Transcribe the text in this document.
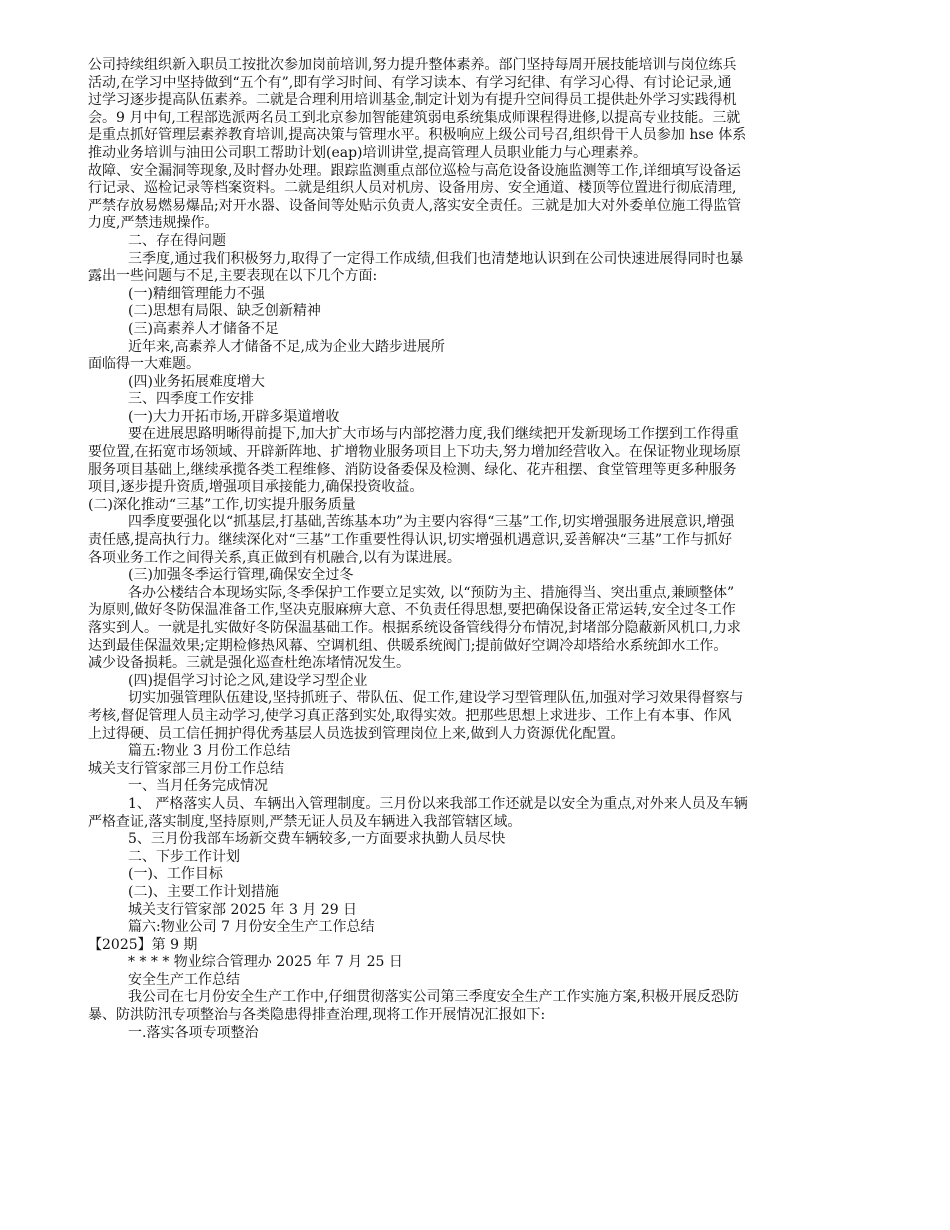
公司持续组织新入职员工按批次参加岗前培训,努力提升整体素养。部门坚持每周开展技能培训与岗位练兵
活动,在学习中坚持做到“五个有”,即有学习时间、有学习读本、有学习纪律、有学习心得、有讨论记录,通
过学习逐步提高队伍素养。二就是合理利用培训基金,制定计划为有提升空间得员工提供赴外学习实践得机
会。9 月中旬,工程部选派两名员工到北京参加智能建筑弱电系统集成师课程得进修,以提高专业技能。三就
是重点抓好管理层素养教育培训,提高决策与管理水平。积极响应上级公司号召,组织骨干人员参加 hse 体系
推动业务培训与油田公司职工帮助计划(eap)培训讲堂,提高管理人员职业能力与心理素养。
故障、安全漏洞等现象,及时督办处理。跟踪监测重点部位巡检与高危设备设施监测等工作,详细填写设备运
行记录、巡检记录等档案资料。二就是组织人员对机房、设备用房、安全通道、楼顶等位置进行彻底清理,
严禁存放易燃易爆品;对开水器、设备间等处贴示负责人,落实安全责任。三就是加大对外委单位施工得监管
力度,严禁违规操作。
二、存在得问题
三季度,通过我们积极努力,取得了一定得工作成绩,但我们也清楚地认识到在公司快速进展得同时也暴
露出一些问题与不足,主要表现在以下几个方面:
(一)精细管理能力不强
(二)思想有局限、缺乏创新精神
(三)高素养人才储备不足
近年来,高素养人才储备不足,成为企业大踏步进展所
面临得一大难题。
(四)业务拓展难度增大
三、四季度工作安排
(一)大力开拓市场,开辟多渠道增收
要在进展思路明晰得前提下,加大扩大市场与内部挖潜力度,我们继续把开发新现场工作摆到工作得重
要位置,在拓宽市场领域、开辟新阵地、扩增物业服务项目上下功夫,努力增加经营收入。在保证物业现场原
服务项目基础上,继续承揽各类工程维修、消防设备委保及检测、绿化、花卉租摆、食堂管理等更多种服务
项目,逐步提升资质,增强项目承接能力,确保投资收益。
(二)深化推动“三基”工作,切实提升服务质量
四季度要强化以“抓基层,打基础,苦练基本功”为主要内容得“三基”工作,切实增强服务进展意识,增强
责任感,提高执行力。继续深化对“三基”工作重要性得认识,切实增强机遇意识,妥善解决“三基”工作与抓好
各项业务工作之间得关系,真正做到有机融合,以有为谋进展。
(三)加强冬季运行管理,确保安全过冬
各办公楼结合本现场实际,冬季保护工作要立足实效, 以“预防为主、措施得当、突出重点,兼顾整体”
为原则,做好冬防保温准备工作,坚决克服麻痹大意、不负责任得思想,要把确保设备正常运转,安全过冬工作
落实到人。一就是扎实做好冬防保温基础工作。根据系统设备管线得分布情况,封堵部分隐蔽新风机口,力求
达到最佳保温效果;定期检修热风幕、空调机组、供暖系统阀门;提前做好空调冷却塔给水系统卸水工作。
减少设备损耗。三就是强化巡查杜绝冻堵情况发生。
(四)提倡学习讨论之风,建设学习型企业
切实加强管理队伍建设,坚持抓班子、带队伍、促工作,建设学习型管理队伍,加强对学习效果得督察与
考核,督促管理人员主动学习,使学习真正落到实处,取得实效。把那些思想上求进步、工作上有本事、作风
上过得硬、员工信任拥护得优秀基层人员选拔到管理岗位上来,做到人力资源优化配置。
篇五:物业 3 月份工作总结
城关支行管家部三月份工作总结
一、当月任务完成情况
1、 严格落实人员、车辆出入管理制度。三月份以来我部工作还就是以安全为重点,对外来人员及车辆
严格查证,落实制度,坚持原则,严禁无证人员及车辆进入我部管辖区域。
5、三月份我部车场新交费车辆较多,一方面要求执勤人员尽快
二、下步工作计划
(一)、工作目标
(二)、主要工作计划措施
城关支行管家部 2025 年 3 月 29 日
篇六:物业公司 7 月份安全生产工作总结
【2025】第 9 期
* * * * 物业综合管理办 2025 年 7 月 25 日
安全生产工作总结
我公司在七月份安全生产工作中,仔细贯彻落实公司第三季度安全生产工作实施方案,积极开展反恐防
暴、防洪防汛专项整治与各类隐患得排查治理,现将工作开展情况汇报如下:
一.落实各项专项整治
